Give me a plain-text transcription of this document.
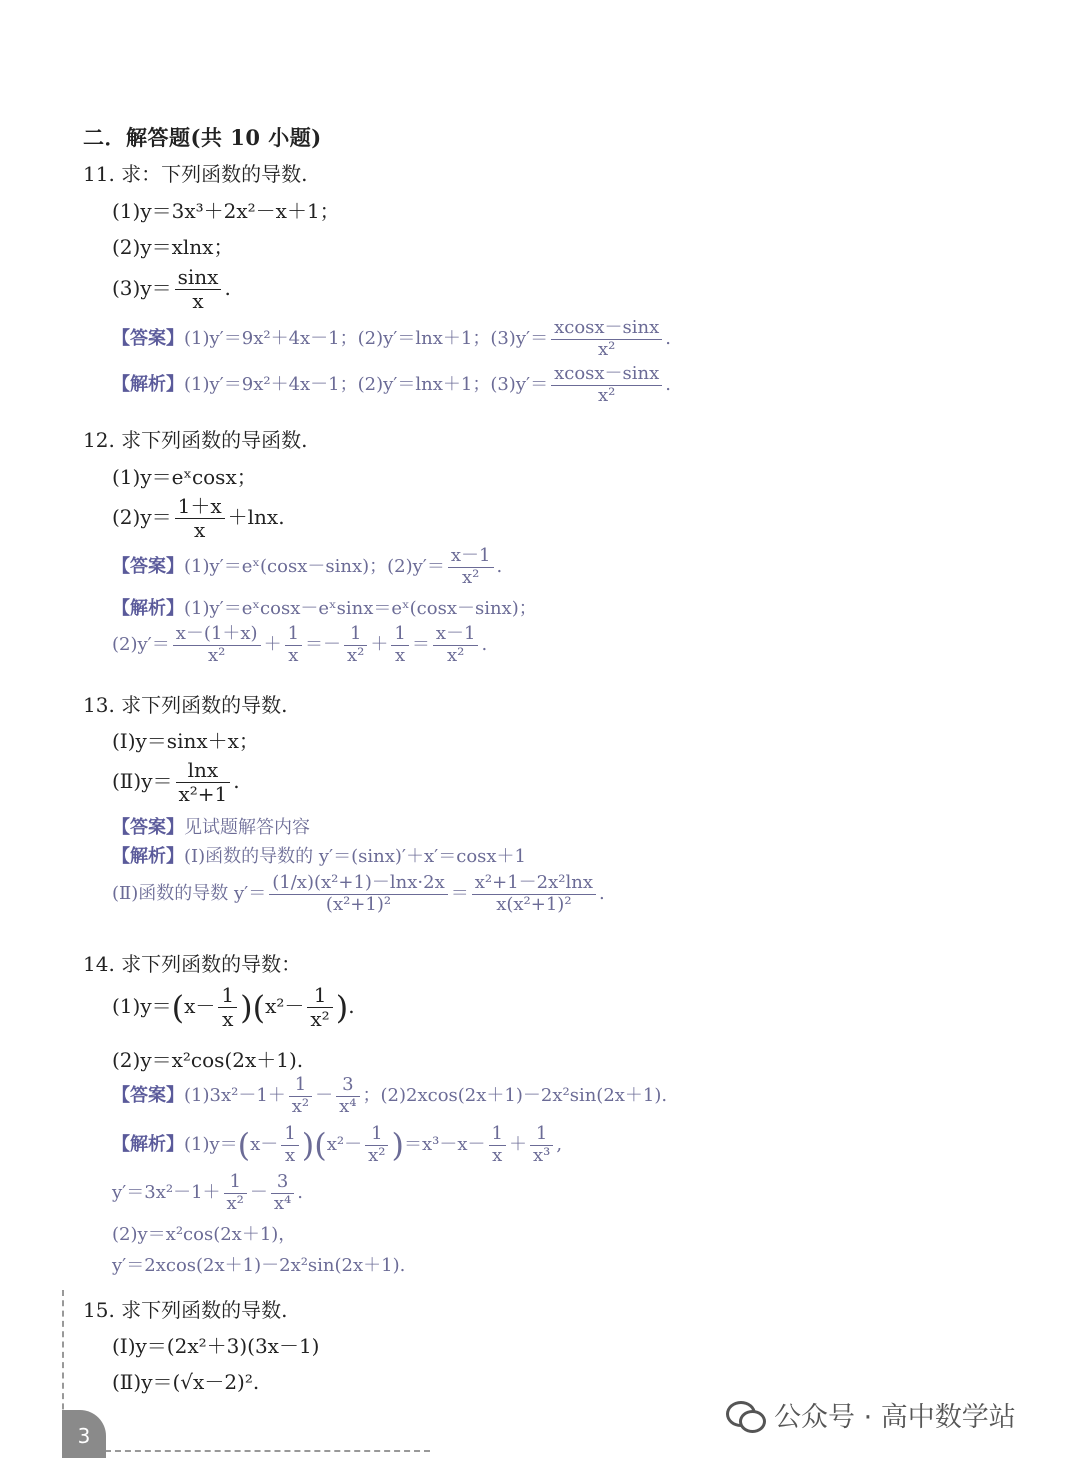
二．解答题(共 10 小题)
11. 求：下列函数的导数.
(1)y＝3x³＋2x²－x＋1；
(2)y＝xlnx；
$(3)y= \frac{\sin x}{x}$ .
【答案】(1)y′＝9x²＋4x－1；(2)y′＝lnx＋1；$(3)y'= \frac{xcosx-\sin x}{\text{x²}}$ .
【解析】(1)y′＝9x²＋4x－1；(2)y′＝lnx＋1；$(3)y'= \frac{xcosx-\sin x}{\text{x²}}$ .
12. 求下列函数的导函数.
(1)y＝eˣcosx；
$(2)y= \frac{1+x}{x} +\ln x$.
【答案】(1)y′＝eˣ(cosx－sinx)；$(2)y'= \frac{x-1}{\text{x²}}$ .
【解析】(1)y′＝eˣcosx－eˣsinx＝eˣ(cosx－sinx)；
$(2)y'= \frac{x-(1+x)}{\text{x²}} + \frac{1}{x} =- \frac{1}{\text{x²}} + \frac{1}{x} = \frac{x-1}{\text{x²}}$ .
13. 求下列函数的导数.
(Ⅰ)y＝sinx＋x；
(Ⅱ)y＝ $\frac{\ln x}{\text{x²+1}}$ .
【答案】见试题解答内容
【解析】(Ⅰ)函数的导数的 y′＝(sinx)′＋x′＝cosx＋1
(Ⅱ)函数的导数 $y'= \frac{\text{(1/x)(x²+1)－lnx·2x}}{\text{(x²+1)²}} = \frac{\text{x²+1－2x²lnx}}{\text{x(x²+1)²}}$ .
14. 求下列函数的导数：
$(1)y=(x- \frac{1}{x} )(x^2- \frac{1}{\text{x²}}$ ).
(2)y＝x²cos(2x＋1).
【答案】$(1)3x^2-1+ \frac{1}{\text{x²}} - \frac{3}{\text{x⁴}}$ ；(2)2xcos(2x＋1)－2x²sin(2x＋1).
【解析】$(1)y=(x- \frac{1}{x} )(x^2- \frac{1}{\text{x²}} )=x^3-x- \frac{1}{x} + \frac{1}{\text{x³}}$ ,
$y'=3x^2-1+ \frac{1}{\text{x²}} - \frac{3}{\text{x⁴}}$ .
(2)y＝x²cos(2x＋1)，
y′＝2xcos(2x＋1)－2x²sin(2x＋1).
15. 求下列函数的导数.
(Ⅰ)y＝(2x²＋3)(3x－1)
(Ⅱ)y＝(√x－2)².
3
公众号 · 高中数学站
